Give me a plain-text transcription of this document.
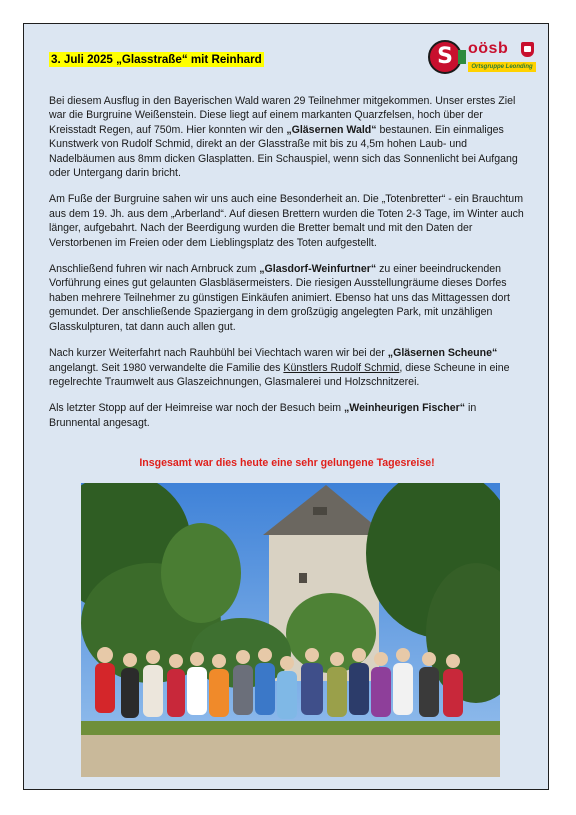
3. Juli 2025 „Glasstraße“ mit Reinhard	S oösb
Ortsgruppe Leonding

Bei diesem Ausflug in den Bayerischen Wald waren 29 Teilnehmer mitgekommen. Unser erstes Ziel war die Burgruine Weißenstein. Diese liegt auf einem markanten Quarzfelsen, hoch über der Kreisstadt Regen, auf 750m. Hier konnten wir den „Gläsernen Wald“ bestaunen. Ein einmaliges Kunstwerk von Rudolf Schmid, direkt an der Glasstraße mit bis zu 4,5m hohen Laub- und Nadelbäumen aus 8mm dicken Glasplatten. Ein Schauspiel, wenn sich das Sonnenlicht bei Aufgang oder Untergang darin bricht.

Am Fuße der Burgruine sahen wir uns auch eine Besonderheit an. Die „Totenbretter“ - ein Brauchtum aus dem 19. Jh. aus dem „Arberland“. Auf diesen Brettern wurden die Toten 2-3 Tage, im Winter auch länger, aufgebahrt. Nach der Beerdigung wurden die Bretter bemalt und mit den Daten der Verstorbenen im Freien oder dem Lieblingsplatz des Toten aufgestellt.

Anschließend fuhren wir nach Arnbruck zum „Glasdorf-Weinfurtner“ zu einer beeindruckenden Vorführung eines gut gelaunten Glasbläsermeisters. Die riesigen Ausstellungräume dieses Dorfes haben mehrere Teilnehmer zu günstigen Einkäufen animiert. Ebenso hat uns das Mittagessen dort gemundet. Der anschließende Spaziergang in dem großzügig angelegten Park, mit unzähligen Glasskulpturen, tat dann auch allen gut.

Nach kurzer Weiterfahrt nach Rauhbühl bei Viechtach waren wir bei der „Gläsernen Scheune“ angelangt. Seit 1980 verwandelte die Familie des Künstlers Rudolf Schmid, diese Scheune in eine regelrechte Traumwelt aus Glaszeichnungen, Glasmalerei und Holzschnitzerei.

Als letzter Stopp auf der Heimreise war noch der Besuch beim „Weinheurigen Fischer“ in Brunnental angesagt.

Insgesamt war dies heute eine sehr gelungene Tagesreise!
